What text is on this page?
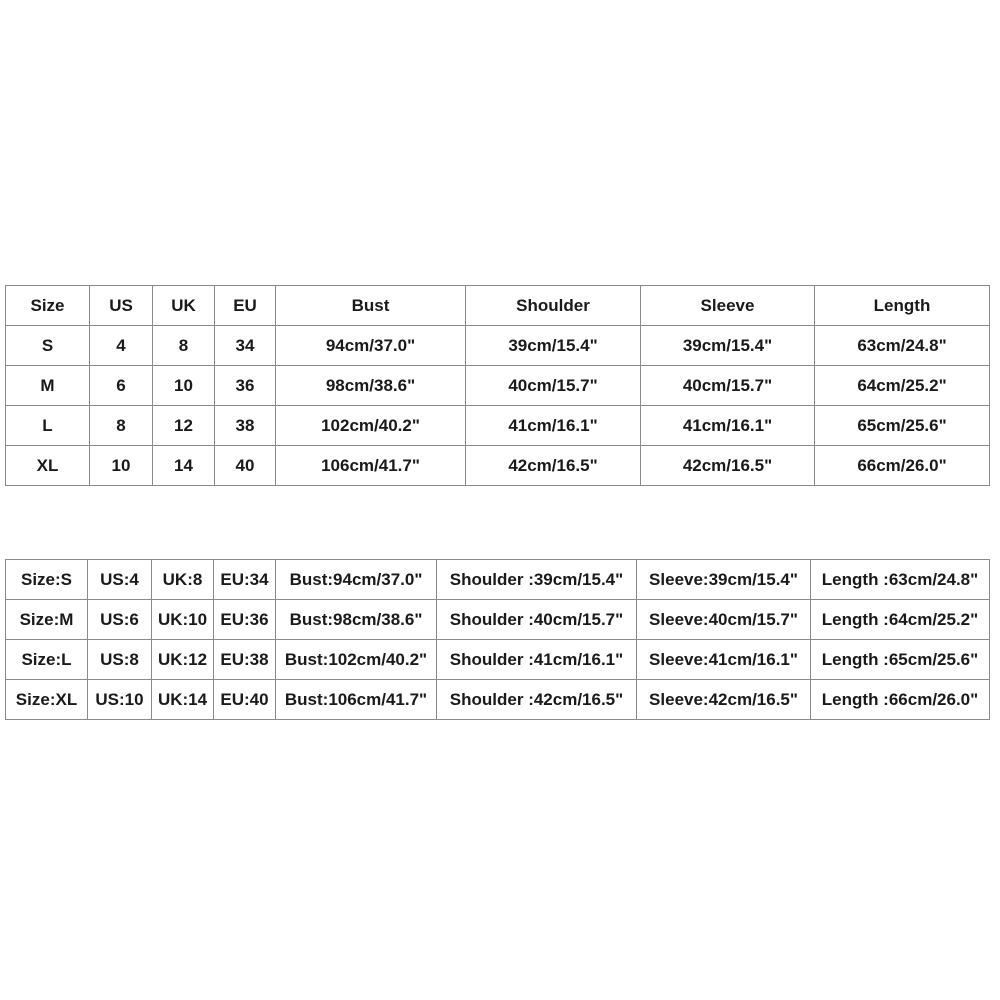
Size	US	UK	EU	Bust	Shoulder	Sleeve	Length
S	4	8	34	94cm/37.0"	39cm/15.4"	39cm/15.4"	63cm/24.8"
M	6	10	36	98cm/38.6"	40cm/15.7"	40cm/15.7"	64cm/25.2"
L	8	12	38	102cm/40.2"	41cm/16.1"	41cm/16.1"	65cm/25.6"
XL	10	14	40	106cm/41.7"	42cm/16.5"	42cm/16.5"	66cm/26.0"
Size:S	US:4	UK:8	EU:34	Bust:94cm/37.0"	Shoulder :39cm/15.4"	Sleeve:39cm/15.4"	Length :63cm/24.8"
Size:M	US:6	UK:10	EU:36	Bust:98cm/38.6"	Shoulder :40cm/15.7"	Sleeve:40cm/15.7"	Length :64cm/25.2"
Size:L	US:8	UK:12	EU:38	Bust:102cm/40.2"	Shoulder :41cm/16.1"	Sleeve:41cm/16.1"	Length :65cm/25.6"
Size:XL	US:10	UK:14	EU:40	Bust:106cm/41.7"	Shoulder :42cm/16.5"	Sleeve:42cm/16.5"	Length :66cm/26.0"
